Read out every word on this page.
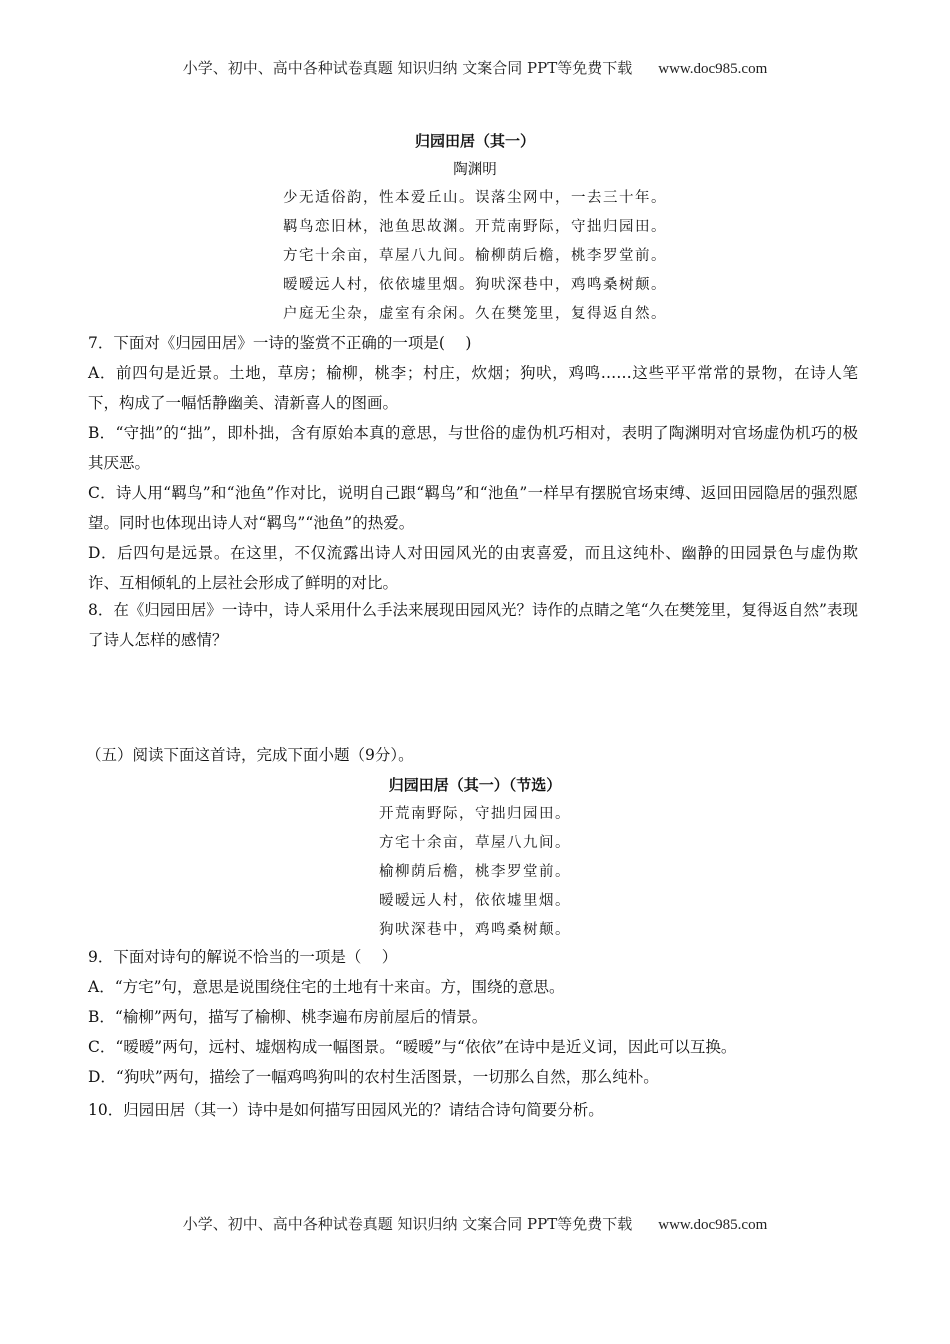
小学、初中、高中各种试卷真题 知识归纳 文案合同 PPT等免费下载 www.doc985.com
归园田居（其一）
陶渊明
少无适俗韵，性本爱丘山。误落尘网中，一去三十年。
羁鸟恋旧林，池鱼思故渊。开荒南野际，守拙归园田。
方宅十余亩，草屋八九间。榆柳荫后檐，桃李罗堂前。
暧暧远人村，依依墟里烟。狗吠深巷中，鸡鸣桑树颠。
户庭无尘杂，虚室有余闲。久在樊笼里，复得返自然。

7．下面对《归园田居》一诗的鉴赏不正确的一项是(　 )

A．前四句是近景。土地，草房；榆柳，桃李；村庄，炊烟；狗吠，鸡鸣……这些平平常常的景物，在诗人笔下，构成了一幅恬静幽美、清新喜人的图画。

B．“守拙”的“拙”，即朴拙，含有原始本真的意思，与世俗的虚伪机巧相对，表明了陶渊明对官场虚伪机巧的极其厌恶。

C．诗人用“羁鸟”和“池鱼”作对比，说明自己跟“羁鸟”和“池鱼”一样早有摆脱官场束缚、返回田园隐居的强烈愿望。同时也体现出诗人对“羁鸟”“池鱼”的热爱。

D．后四句是远景。在这里，不仅流露出诗人对田园风光的由衷喜爱，而且这纯朴、幽静的田园景色与虚伪欺诈、互相倾轧的上层社会形成了鲜明的对比。

8．在《归园田居》一诗中，诗人采用什么手法来展现田园风光？诗作的点睛之笔“久在樊笼里，复得返自然”表现了诗人怎样的感情？

（五）阅读下面这首诗，完成下面小题（9分）。

归园田居（其一）（节选）
开荒南野际，守拙归园田。
方宅十余亩，草屋八九间。
榆柳荫后檐，桃李罗堂前。
暧暧远人村，依依墟里烟。
狗吠深巷中，鸡鸣桑树颠。

9．下面对诗句的解说不恰当的一项是（　 ）

A．“方宅”句，意思是说围绕住宅的土地有十来亩。方，围绕的意思。

B．“榆柳”两句，描写了榆柳、桃李遍布房前屋后的情景。

C．“暧暧”两句，远村、墟烟构成一幅图景。“暧暧”与“依依”在诗中是近义词，因此可以互换。

D．“狗吠”两句，描绘了一幅鸡鸣狗叫的农村生活图景，一切那么自然，那么纯朴。

10．归园田居（其一）诗中是如何描写田园风光的？请结合诗句简要分析。

小学、初中、高中各种试卷真题 知识归纳 文案合同 PPT等免费下载 www.doc985.com
